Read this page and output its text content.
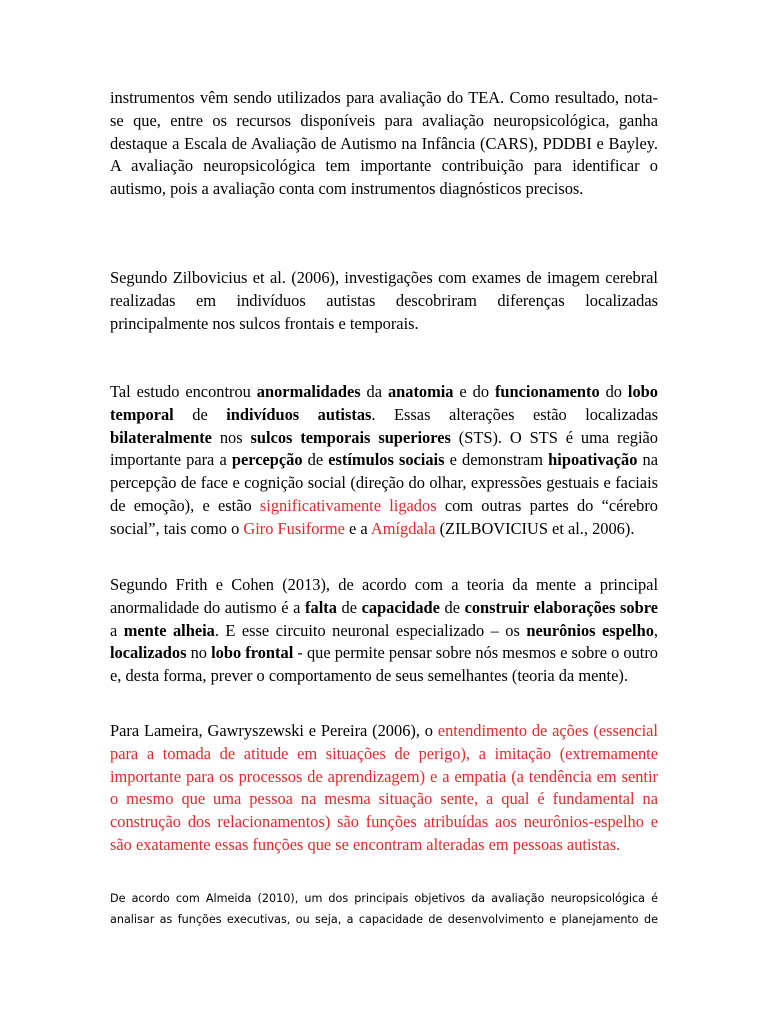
instrumentos vêm sendo utilizados para avaliação do TEA. Como resultado, nota-se que, entre os recursos disponíveis para avaliação neuropsicológica, ganha destaque a Escala de Avaliação de Autismo na Infância (CARS), PDDBI e Bayley. A avaliação neuropsicológica tem importante contribuição para identificar o autismo, pois a avaliação conta com instrumentos diagnósticos precisos.

Segundo Zilbovicius et al. (2006), investigações com exames de imagem cerebral realizadas em indivíduos autistas descobriram diferenças localizadas principalmente nos sulcos frontais e temporais.

Tal estudo encontrou anormalidades da anatomia e do funcionamento do lobo temporal de indivíduos autistas. Essas alterações estão localizadas bilateralmente nos sulcos temporais superiores (STS). O STS é uma região importante para a percepção de estímulos sociais e demonstram hipoativação na percepção de face e cognição social (direção do olhar, expressões gestuais e faciais de emoção), e estão significativamente ligados com outras partes do “cérebro social”, tais como o Giro Fusiforme e a Amígdala (ZILBOVICIUS et al., 2006).

Segundo Frith e Cohen (2013), de acordo com a teoria da mente a principal anormalidade do autismo é a falta de capacidade de construir elaborações sobre a mente alheia. E esse circuito neuronal especializado – os neurônios espelho, localizados no lobo frontal - que permite pensar sobre nós mesmos e sobre o outro e, desta forma, prever o comportamento de seus semelhantes (teoria da mente).

Para Lameira, Gawryszewski e Pereira (2006), o entendimento de ações (essencial para a tomada de atitude em situações de perigo), a imitação (extremamente importante para os processos de aprendizagem) e a empatia (a tendência em sentir o mesmo que uma pessoa na mesma situação sente, a qual é fundamental na construção dos relacionamentos) são funções atribuídas aos neurônios-espelho e são exatamente essas funções que se encontram alteradas em pessoas autistas.

De acordo com Almeida (2010), um dos principais objetivos da avaliação neuropsicológica é analisar as funções executivas, ou seja, a capacidade de desenvolvimento e planejamento de
